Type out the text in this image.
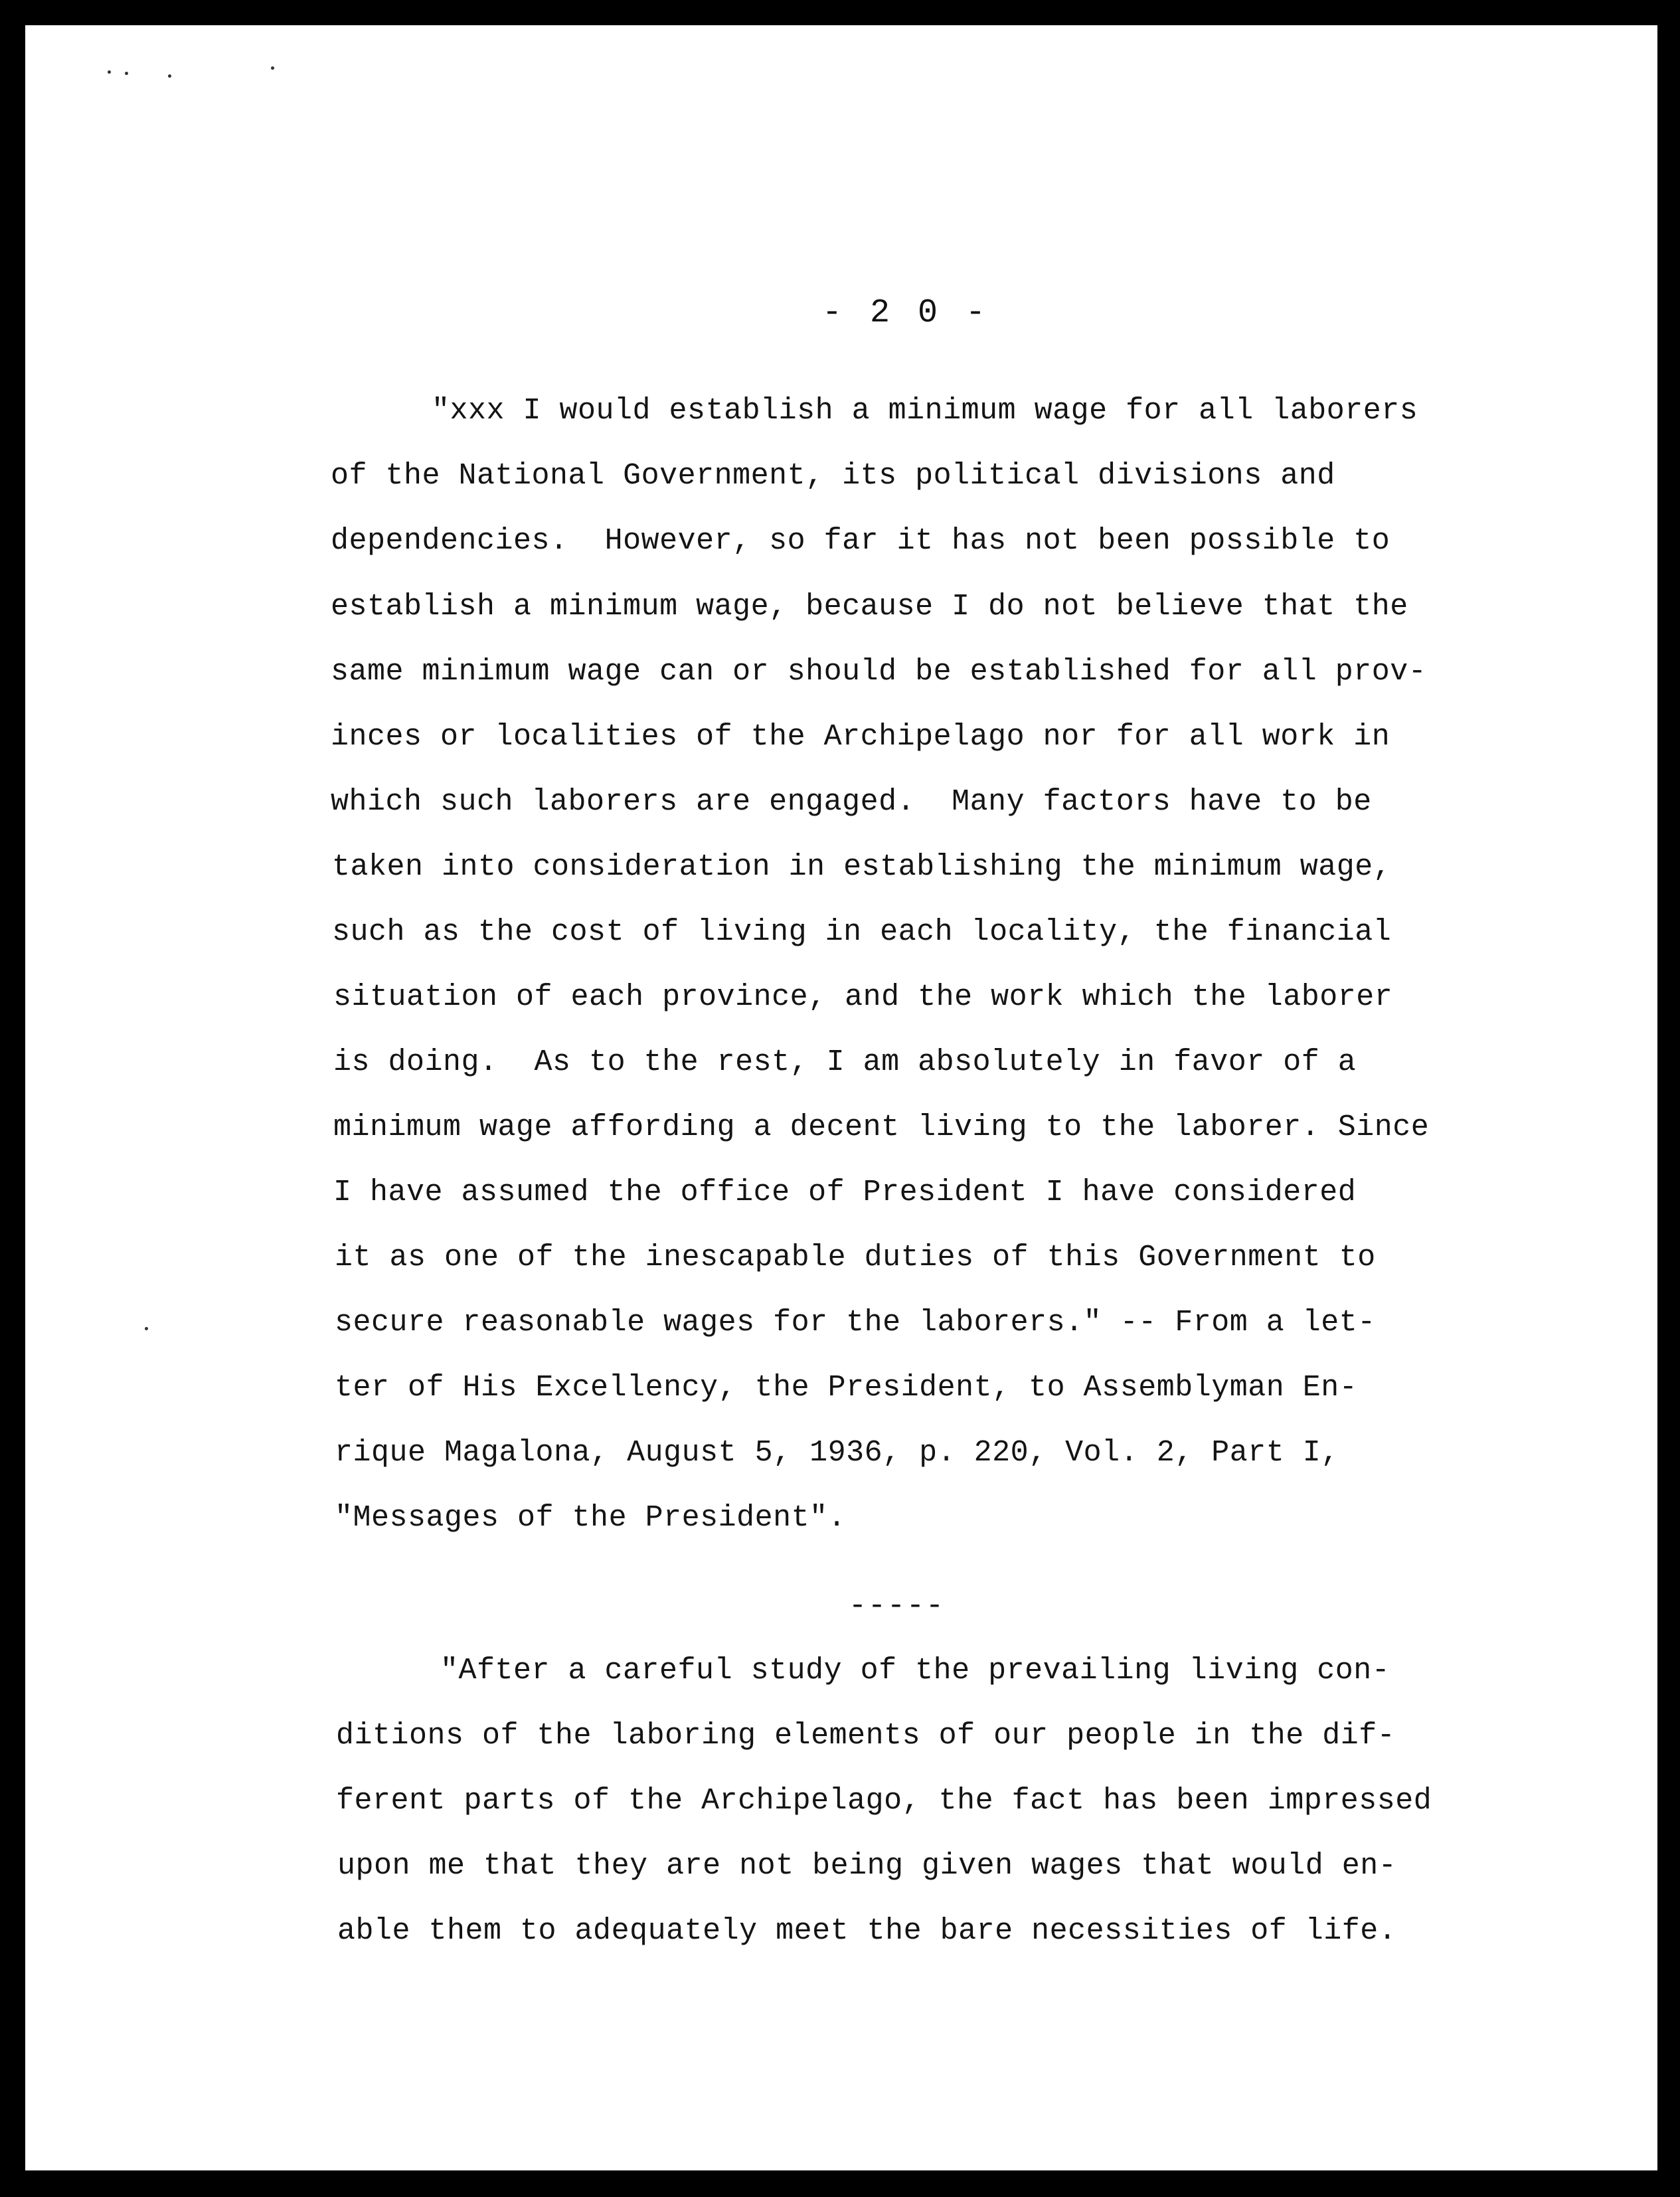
- 2 0 -
"xxx I would establish a minimum wage for all laborers
of the National Government, its political divisions and
dependencies.  However, so far it has not been possible to
establish a minimum wage, because I do not believe that the
same minimum wage can or should be established for all prov-
inces or localities of the Archipelago nor for all work in
which such laborers are engaged.  Many factors have to be
taken into consideration in establishing the minimum wage,
such as the cost of living in each locality, the financial
situation of each province, and the work which the laborer
is doing.  As to the rest, I am absolutely in favor of a
minimum wage affording a decent living to the laborer. Since
I have assumed the office of President I have considered
it as one of the inescapable duties of this Government to
secure reasonable wages for the laborers." -- From a let-
ter of His Excellency, the President, to Assemblyman En-
rique Magalona, August 5, 1936, p. 220, Vol. 2, Part I,
"Messages of the President".
-----
"After a careful study of the prevailing living con-
ditions of the laboring elements of our people in the dif-
ferent parts of the Archipelago, the fact has been impressed
upon me that they are not being given wages that would en-
able them to adequately meet the bare necessities of life.
